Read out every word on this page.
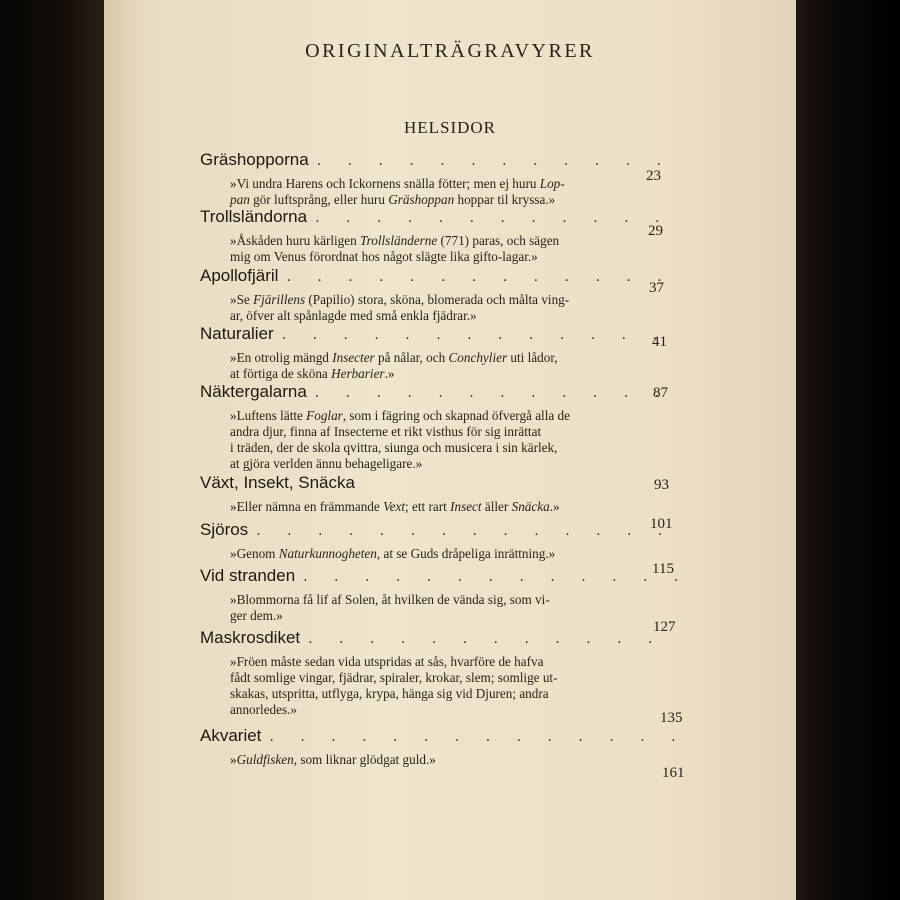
ORIGINALTRÄGRAVYRER
HELSIDOR
Gräshopporna
. . .
»Vi undra Harens och Ickornens snälla fötter; men ej huru Lop-
pan gör luftsprång, eller huru Gräshoppan hoppar til kryssa.»
23
Trollsländorna
. . .
»Åskåden huru kärligen Trollsländerne (771) paras, och sägen
mig om Venus förordnat hos något slägte lika gifto-lagar.»
29
Apollofjäril
. . .
»Se Fjärillens (Papilio) stora, sköna, blomerada och målta ving-
ar, öfver alt spånlagde med små enkla fjädrar.»
37
Naturalier
. . .
»En otrolig mängd Insecter på nålar, och Conchylier uti lådor,
at förtiga de sköna Herbarier.»
41
Näktergalarna
. . .
»Luftens lätte Foglar, som i fägring och skapnad öfvergå alla de
andra djur, finna af Insecterne et rikt visthus för sig inrättat
i träden, der de skola qvittra, siunga och musicera i sin kärlek,
at gjöra verlden ännu behageligare.»
87
Växt, Insekt, Snäcka
»Eller nämna en främmande Vext; ett rart Insect äller Snäcka.»
93
Sjöros
. . .
»Genom Naturkunnogheten, at se Guds dråpeliga inrättning.»
101
Vid stranden
. . .
»Blommorna få lif af Solen, åt hvilken de vända sig, som vi-
ger dem.»
115
Maskrosdiket
. . .
»Fröen måste sedan vida utspridas at sås, hvarföre de hafva
fådt somlige vingar, fjädrar, spiraler, krokar, slem; somlige ut-
skakas, utspritta, utflyga, krypa, hänga sig vid Djuren; andra
annorledes.»
127
Akvariet
. . .
»Guldfisken, som liknar glödgat guld.»
135
161
